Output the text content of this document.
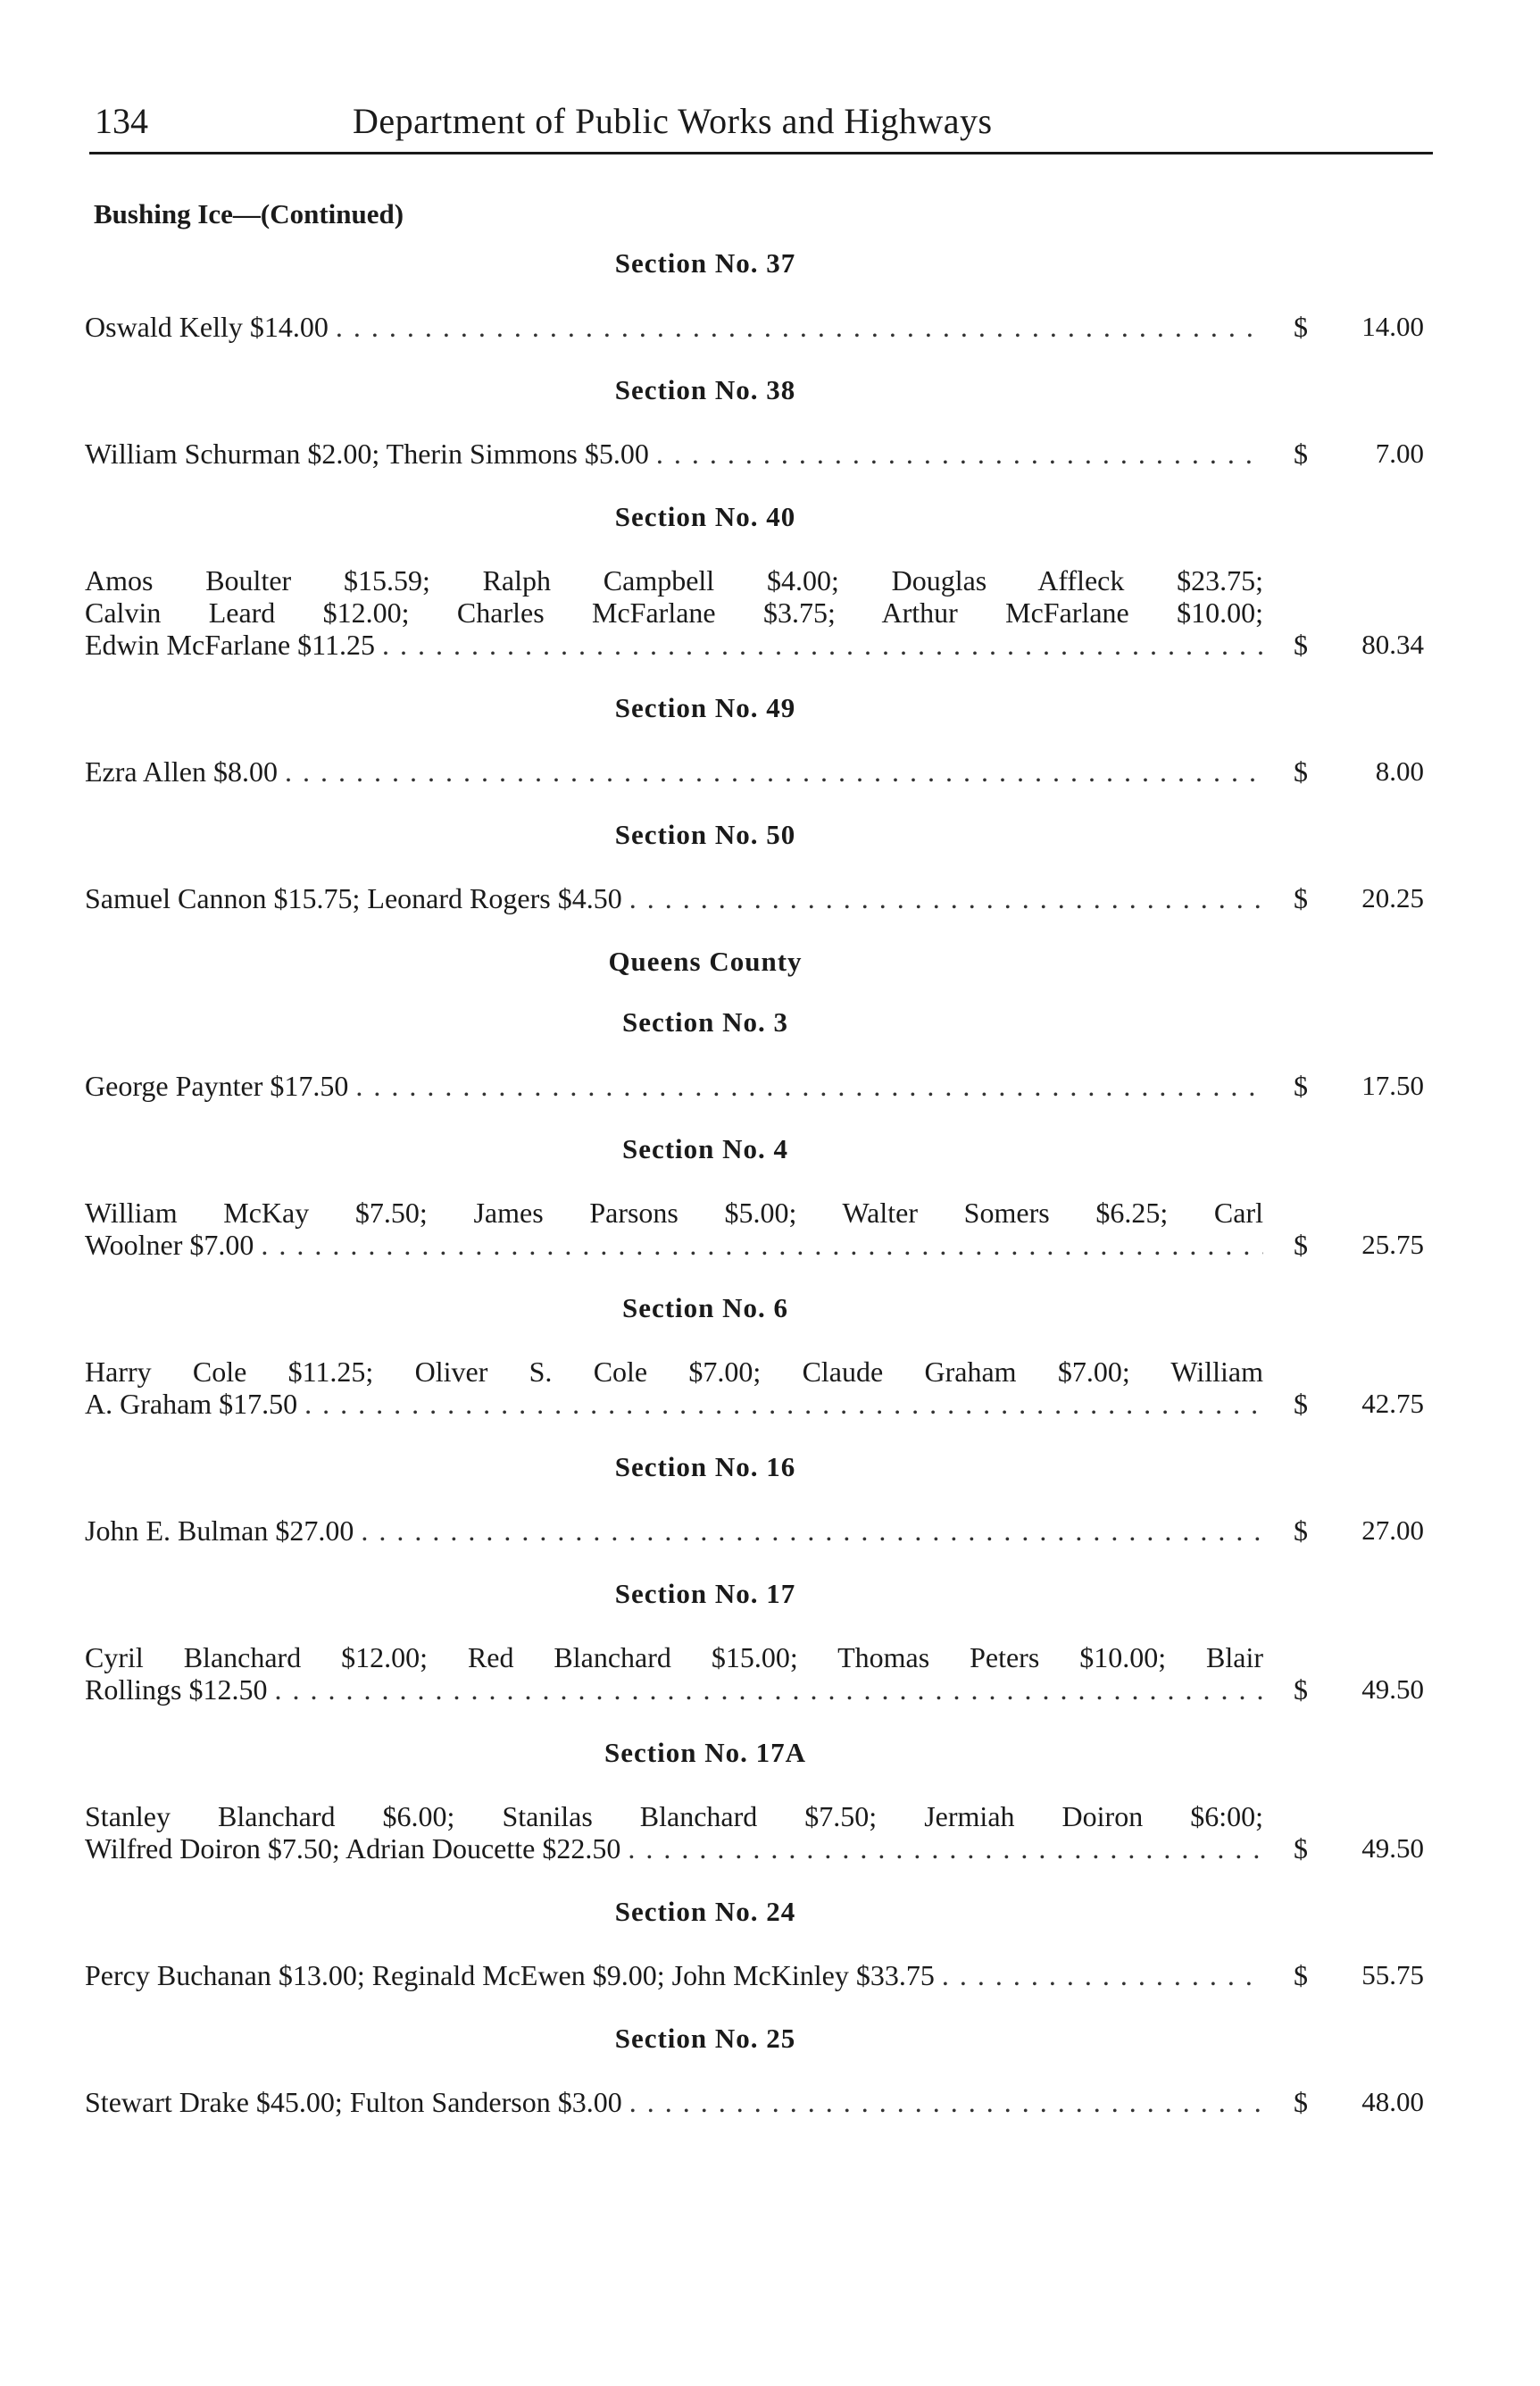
134	Department of Public Works and Highways
Bushing Ice—(Continued)
Section No. 37
Oswald Kelly $14.00 . . .	$	14.00
Section No. 38
William Schurman $2.00; Therin Simmons $5.00 . . .	$	7.00
Section No. 40
Amos Boulter $15.59; Ralph Campbell $4.00; Douglas Affleck $23.75;
Calvin Leard $12.00; Charles McFarlane $3.75; Arthur McFarlane $10.00;
Edwin McFarlane $11.25 . . .	$	80.34
Section No. 49
Ezra Allen $8.00 . . .	$	8.00
Section No. 50
Samuel Cannon $15.75; Leonard Rogers $4.50 . . .	$	20.25
Queens County
Section No. 3
George Paynter $17.50 . . .	$	17.50
Section No. 4
William McKay $7.50; James Parsons $5.00; Walter Somers $6.25; Carl
Woolner $7.00 . . .	$	25.75
Section No. 6
Harry Cole $11.25; Oliver S. Cole $7.00; Claude Graham $7.00; William
A. Graham $17.50 . . .	$	42.75
Section No. 16
John E. Bulman $27.00 . . .	$	27.00
Section No. 17
Cyril Blanchard $12.00; Red Blanchard $15.00; Thomas Peters $10.00; Blair
Rollings $12.50 . . .	$	49.50
Section No. 17A
Stanley Blanchard $6.00; Stanilas Blanchard $7.50; Jermiah Doiron $6:00;
Wilfred Doiron $7.50; Adrian Doucette $22.50 . . .	$	49.50
Section No. 24
Percy Buchanan $13.00; Reginald McEwen $9.00; John McKinley $33.75 . . .	$	55.75
Section No. 25
Stewart Drake $45.00; Fulton Sanderson $3.00 . . .	$	48.00
